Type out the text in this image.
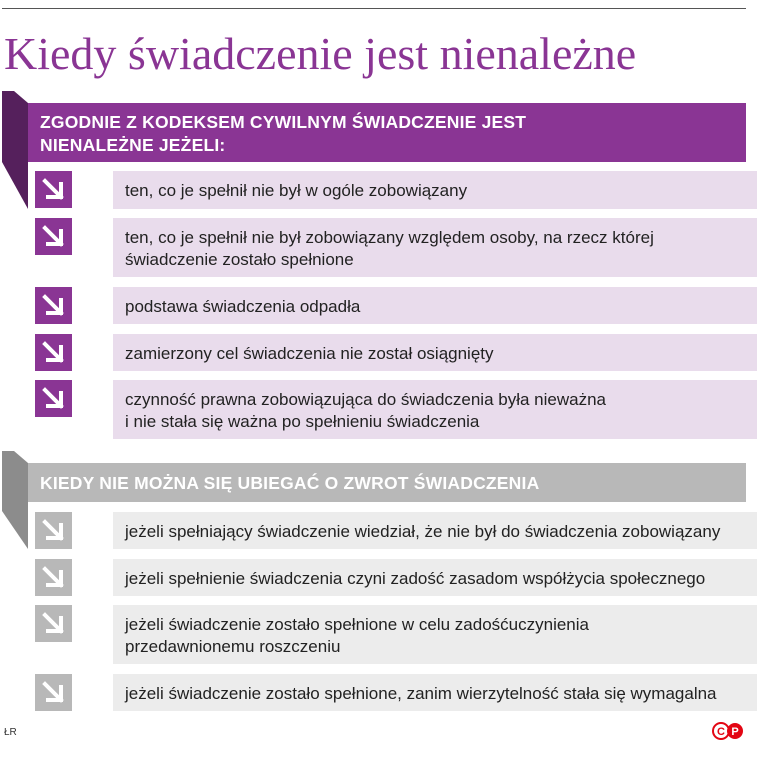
Kiedy świadczenie jest nienależne
ZGODNIE Z KODEKSEM CYWILNYM ŚWIADCZENIE JEST
NIENALEŻNE JEŻELI:
ten, co je spełnił nie był w ogóle zobowiązany
ten, co je spełnił nie był zobowiązany względem osoby, na rzecz której
świadczenie zostało spełnione
podstawa świadczenia odpadła
zamierzony cel świadczenia nie został osiągnięty
czynność prawna zobowiązująca do świadczenia była nieważna
i nie stała się ważna po spełnieniu świadczenia
KIEDY NIE MOŻNA SIĘ UBIEGAĆ O ZWROT ŚWIADCZENIA
jeżeli spełniający świadczenie wiedział, że nie był do świadczenia zobowiązany
jeżeli spełnienie świadczenia czyni zadość zasadom współżycia społecznego
jeżeli świadczenie zostało spełnione w celu zadośćuczynienia
przedawnionemu roszczeniu
jeżeli świadczenie zostało spełnione, zanim wierzytelność stała się wymagalna
ŁR	C P
